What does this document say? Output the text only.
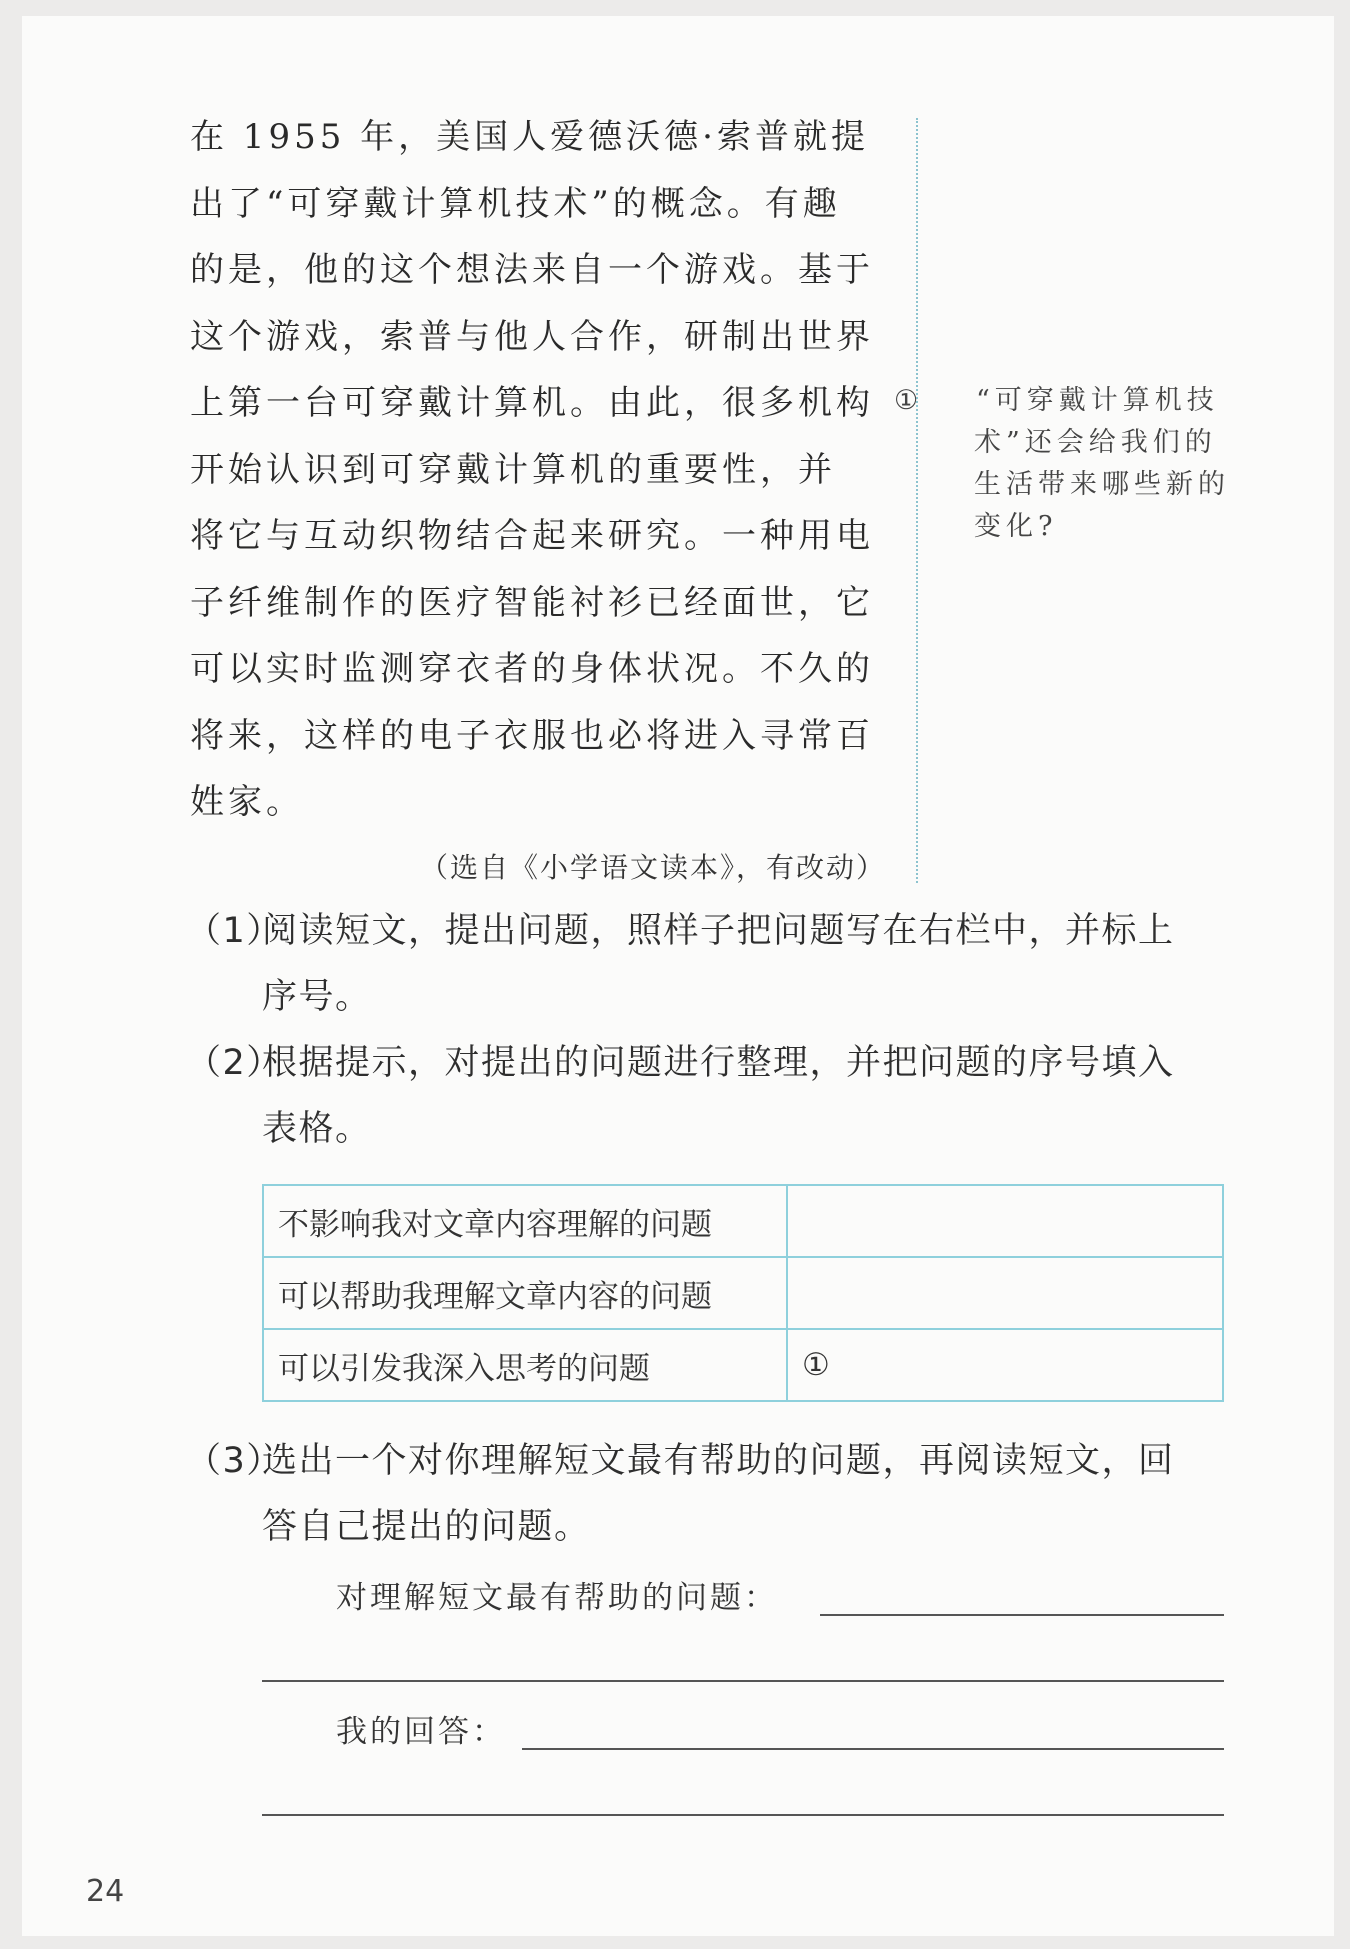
在 1955 年，美国人爱德沃德·索普就提

出了“可穿戴计算机技术”的概念。有趣

的是，他的这个想法来自一个游戏。基于

这个游戏，索普与他人合作，研制出世界

上第一台可穿戴计算机。由此，很多机构

开始认识到可穿戴计算机的重要性，并

将它与互动织物结合起来研究。一种用电

子纤维制作的医疗智能衬衫已经面世，它

可以实时监测穿衣者的身体状况。不久的

将来，这样的电子衣服也必将进入寻常百

姓家。

（选自《小学语文读本》，有改动）

① “可穿戴计算机技

术”还会给我们的

生活带来哪些新的

变化?

（1）阅读短文，提出问题，照样子把问题写在右栏中，并标上
序号。
（2）根据提示，对提出的问题进行整理，并把问题的序号填入
表格。
不影响我对文章内容理解的问题	
可以帮助我理解文章内容的问题	
可以引发我深入思考的问题	①
（3）选出一个对你理解短文最有帮助的问题，再阅读短文，回
答自己提出的问题。
对理解短文最有帮助的问题：
我的回答：
24
